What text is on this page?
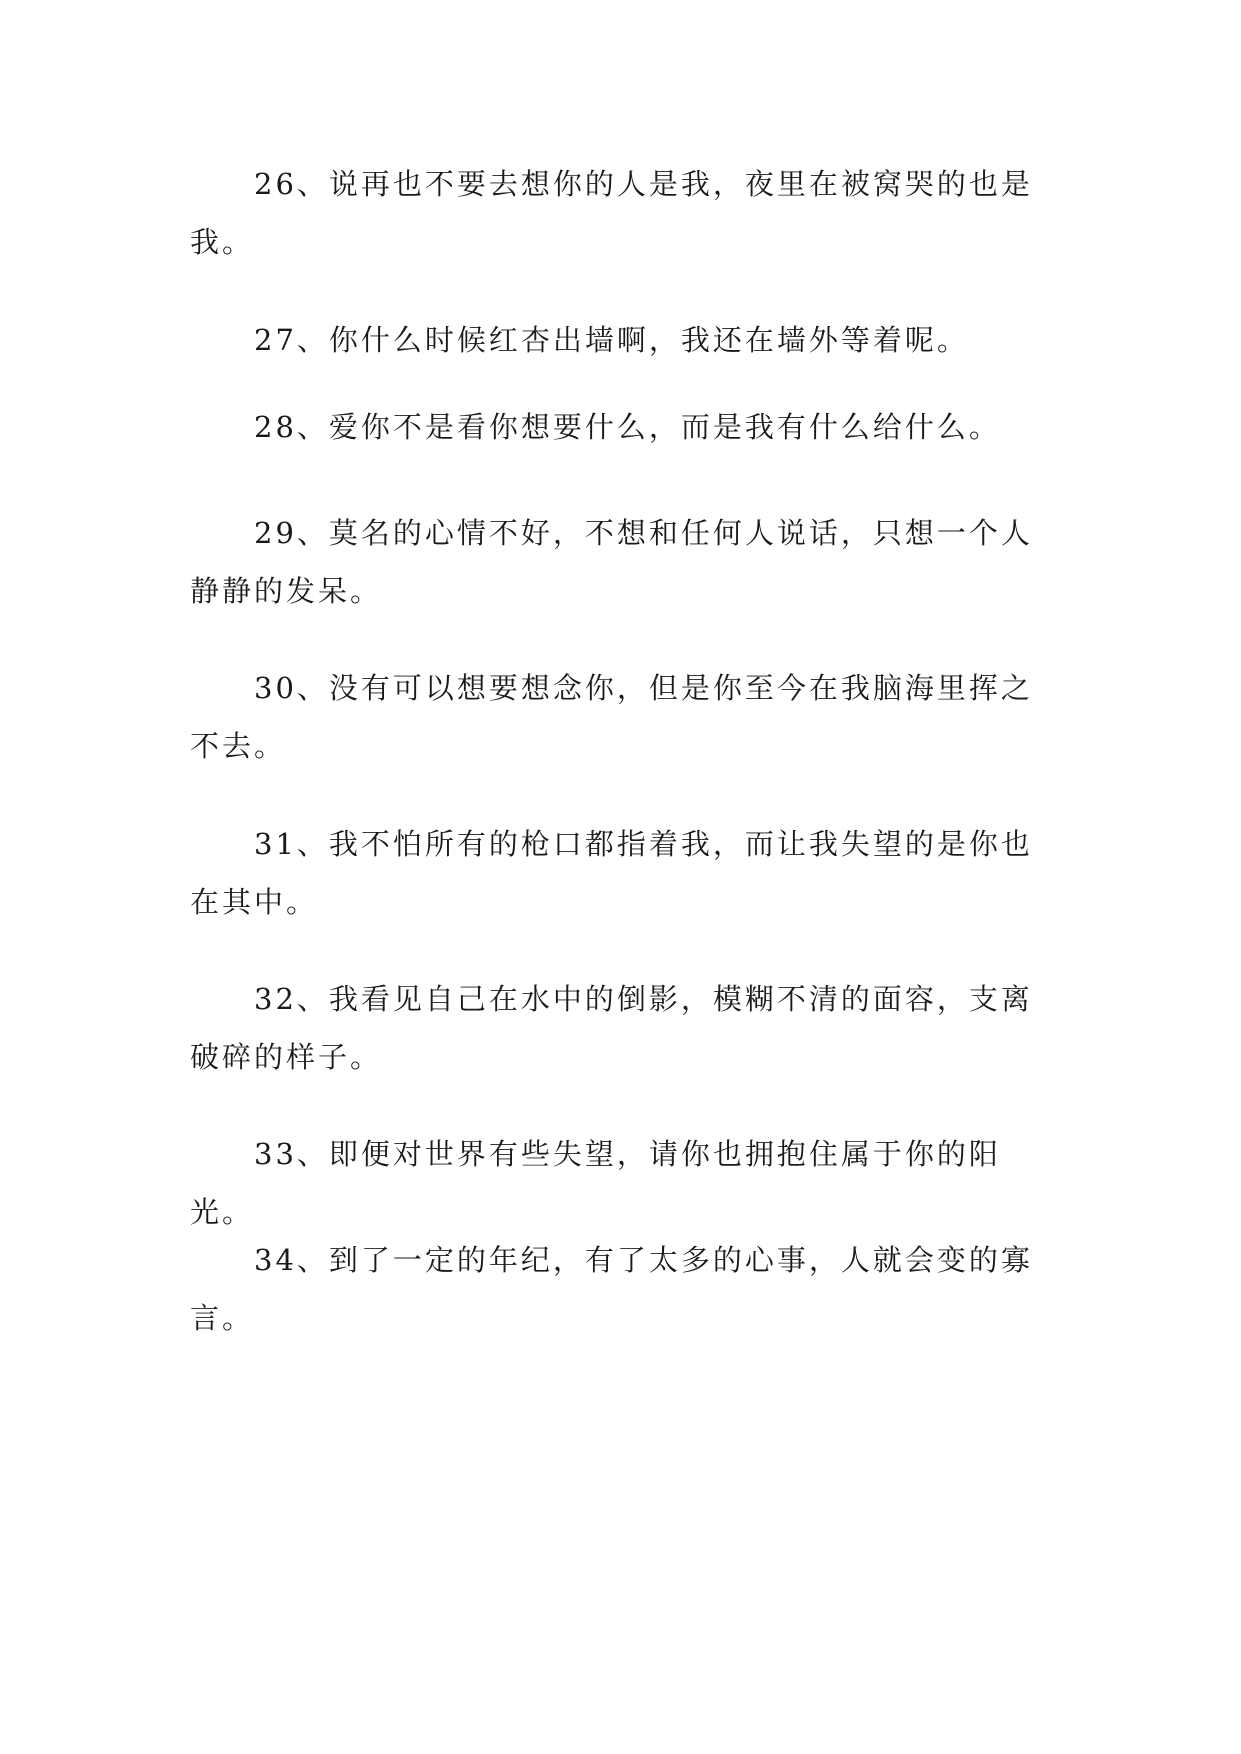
26、说再也不要去想你的人是我，夜里在被窝哭的也是我。

27、你什么时候红杏出墙啊，我还在墙外等着呢。

28、爱你不是看你想要什么，而是我有什么给什么。

29、莫名的心情不好，不想和任何人说话，只想一个人静静的发呆。

30、没有可以想要想念你，但是你至今在我脑海里挥之不去。

31、我不怕所有的枪口都指着我，而让我失望的是你也在其中。

32、我看见自己在水中的倒影，模糊不清的面容，支离破碎的样子。

33、即便对世界有些失望，请你也拥抱住属于你的阳光。

34、到了一定的年纪，有了太多的心事，人就会变的寡言。
